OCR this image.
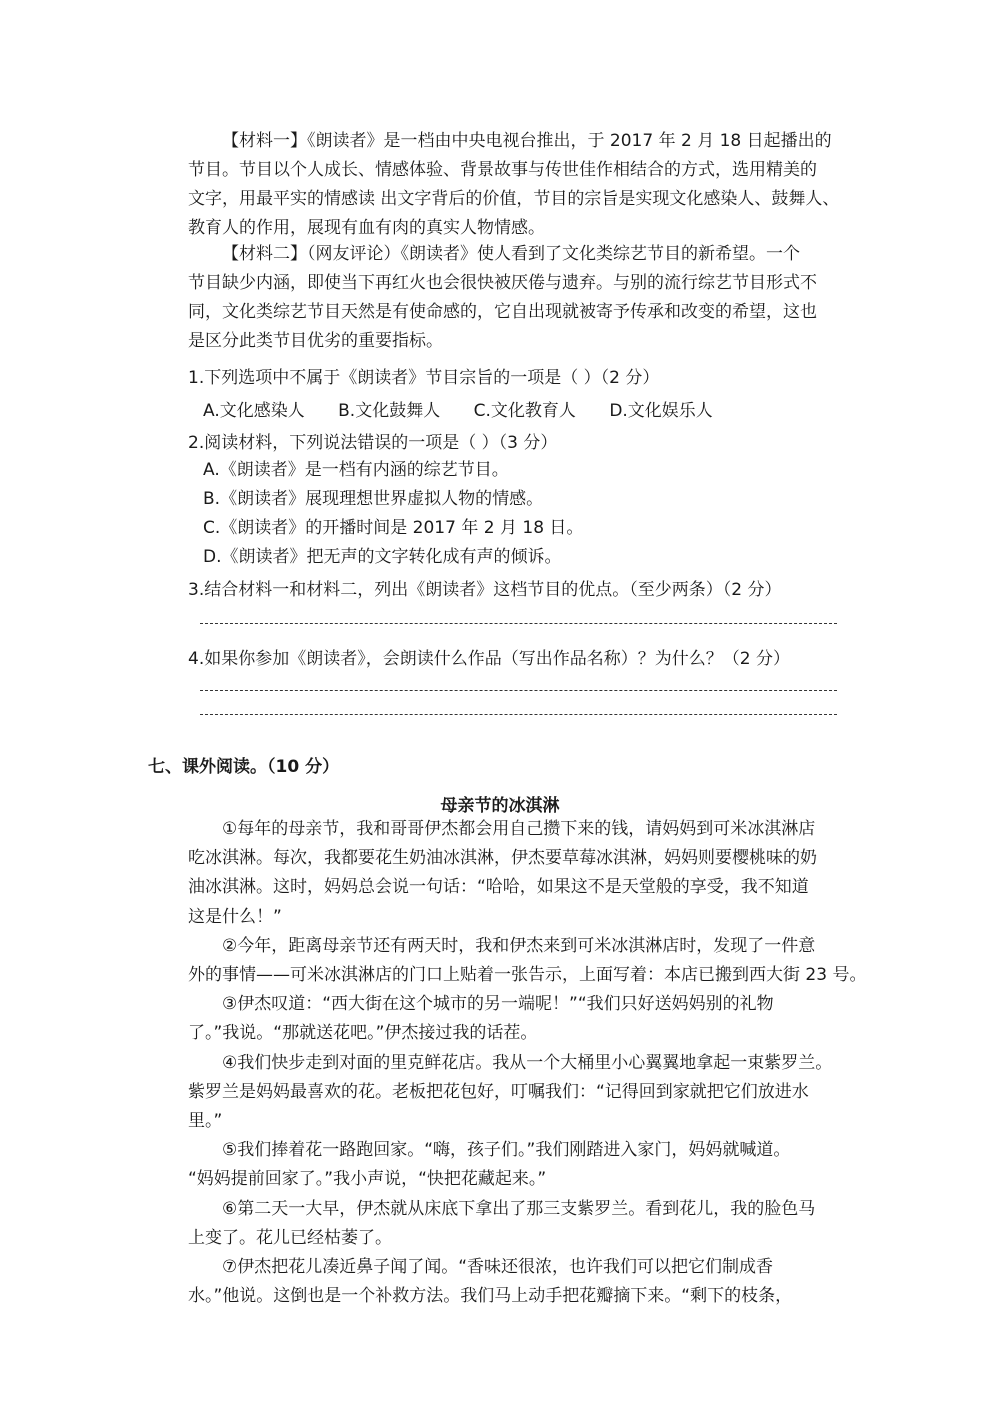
【材料一】《朗读者》是一档由中央电视台推出，于 2017 年 2 月 18 日起播出的
节目。节目以个人成长、情感体验、背景故事与传世佳作相结合的方式，选用精美的
文字，用最平实的情感读 出文字背后的价值，节目的宗旨是实现文化感染人、鼓舞人、
教育人的作用，展现有血有肉的真实人物情感。
【材料二】（网友评论）《朗读者》使人看到了文化类综艺节目的新希望。一个
节目缺少内涵，即使当下再红火也会很快被厌倦与遗弃。与别的流行综艺节目形式不
同，文化类综艺节目天然是有使命感的，它自出现就被寄予传承和改变的希望，这也
是区分此类节目优劣的重要指标。
1.下列选项中不属于《朗读者》节目宗旨的一项是（ ）（2 分）
A.文化感染人 B.文化鼓舞人 C.文化教育人 D.文化娱乐人
2.阅读材料，下列说法错误的一项是（ ）（3 分）
A.《朗读者》是一档有内涵的综艺节目。
B.《朗读者》展现理想世界虚拟人物的情感。
C.《朗读者》的开播时间是 2017 年 2 月 18 日。
D.《朗读者》把无声的文字转化成有声的倾诉。
3.结合材料一和材料二，列出《朗读者》这档节目的优点。（至少两条）（2 分）
4.如果你参加《朗读者》，会朗读什么作品（写出作品名称）？为什么？（2 分）
七、课外阅读。（10 分）
母亲节的冰淇淋
①每年的母亲节，我和哥哥伊杰都会用自己攒下来的钱，请妈妈到可米冰淇淋店
吃冰淇淋。每次，我都要花生奶油冰淇淋，伊杰要草莓冰淇淋，妈妈则要樱桃味的奶
油冰淇淋。这时，妈妈总会说一句话：“哈哈，如果这不是天堂般的享受，我不知道
这是什么！”
②今年，距离母亲节还有两天时，我和伊杰来到可米冰淇淋店时，发现了一件意
外的事情——可米冰淇淋店的门口上贴着一张告示，上面写着：本店已搬到西大街 23 号。
③伊杰叹道：“西大街在这个城市的另一端呢！”“我们只好送妈妈别的礼物
了。”我说。“那就送花吧。”伊杰接过我的话茬。
④我们快步走到对面的里克鲜花店。我从一个大桶里小心翼翼地拿起一束紫罗兰。
紫罗兰是妈妈最喜欢的花。老板把花包好，叮嘱我们：“记得回到家就把它们放进水
里。”
⑤我们捧着花一路跑回家。“嗨，孩子们。”我们刚踏进入家门，妈妈就喊道。
“妈妈提前回家了。”我小声说，“快把花藏起来。”
⑥第二天一大早，伊杰就从床底下拿出了那三支紫罗兰。看到花儿，我的脸色马
上变了。花儿已经枯萎了。
⑦伊杰把花儿凑近鼻子闻了闻。“香味还很浓，也许我们可以把它们制成香
水。”他说。这倒也是一个补救方法。我们马上动手把花瓣摘下来。“剩下的枝条，
